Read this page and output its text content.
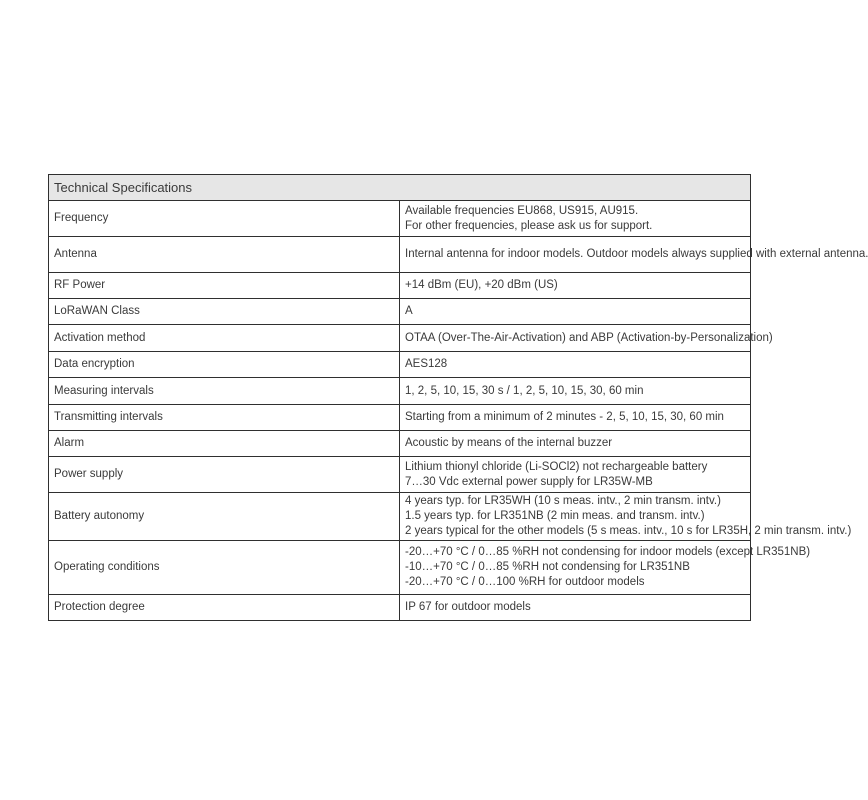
Technical Specifications	
Frequency	Available frequencies EU868, US915, AU915.
For other frequencies, please ask us for support.

Antenna	Internal antenna for indoor models. Outdoor models always supplied with external antenna.

RF Power	+14 dBm (EU), +20 dBm (US)

LoRaWAN Class	A

Activation method	OTAA (Over-The-Air-Activation) and ABP (Activation-by-Personalization)

Data encryption	AES128

Measuring intervals	1, 2, 5, 10, 15, 30 s / 1, 2, 5, 10, 15, 30, 60 min

Transmitting intervals	Starting from a minimum of 2 minutes - 2, 5, 10, 15, 30, 60 min

Alarm	Acoustic by means of the internal buzzer

Power supply	Lithium thionyl chloride (Li-SOCl2) not rechargeable battery
7…30 Vdc external power supply for LR35W-MB

Battery autonomy	4 years typ. for LR35WH (10 s meas. intv., 2 min transm. intv.)
1.5 years typ. for LR351NB (2 min meas. and transm. intv.)
2 years typical for the other models (5 s meas. intv., 10 s for LR35H, 2 min transm. intv.)

Operating conditions	-20…+70 °C / 0…85 %RH not condensing for indoor models (except LR351NB)
-10…+70 °C / 0…85 %RH not condensing for LR351NB
-20…+70 °C / 0…100 %RH for outdoor models

Protection degree	IP 67 for outdoor models
